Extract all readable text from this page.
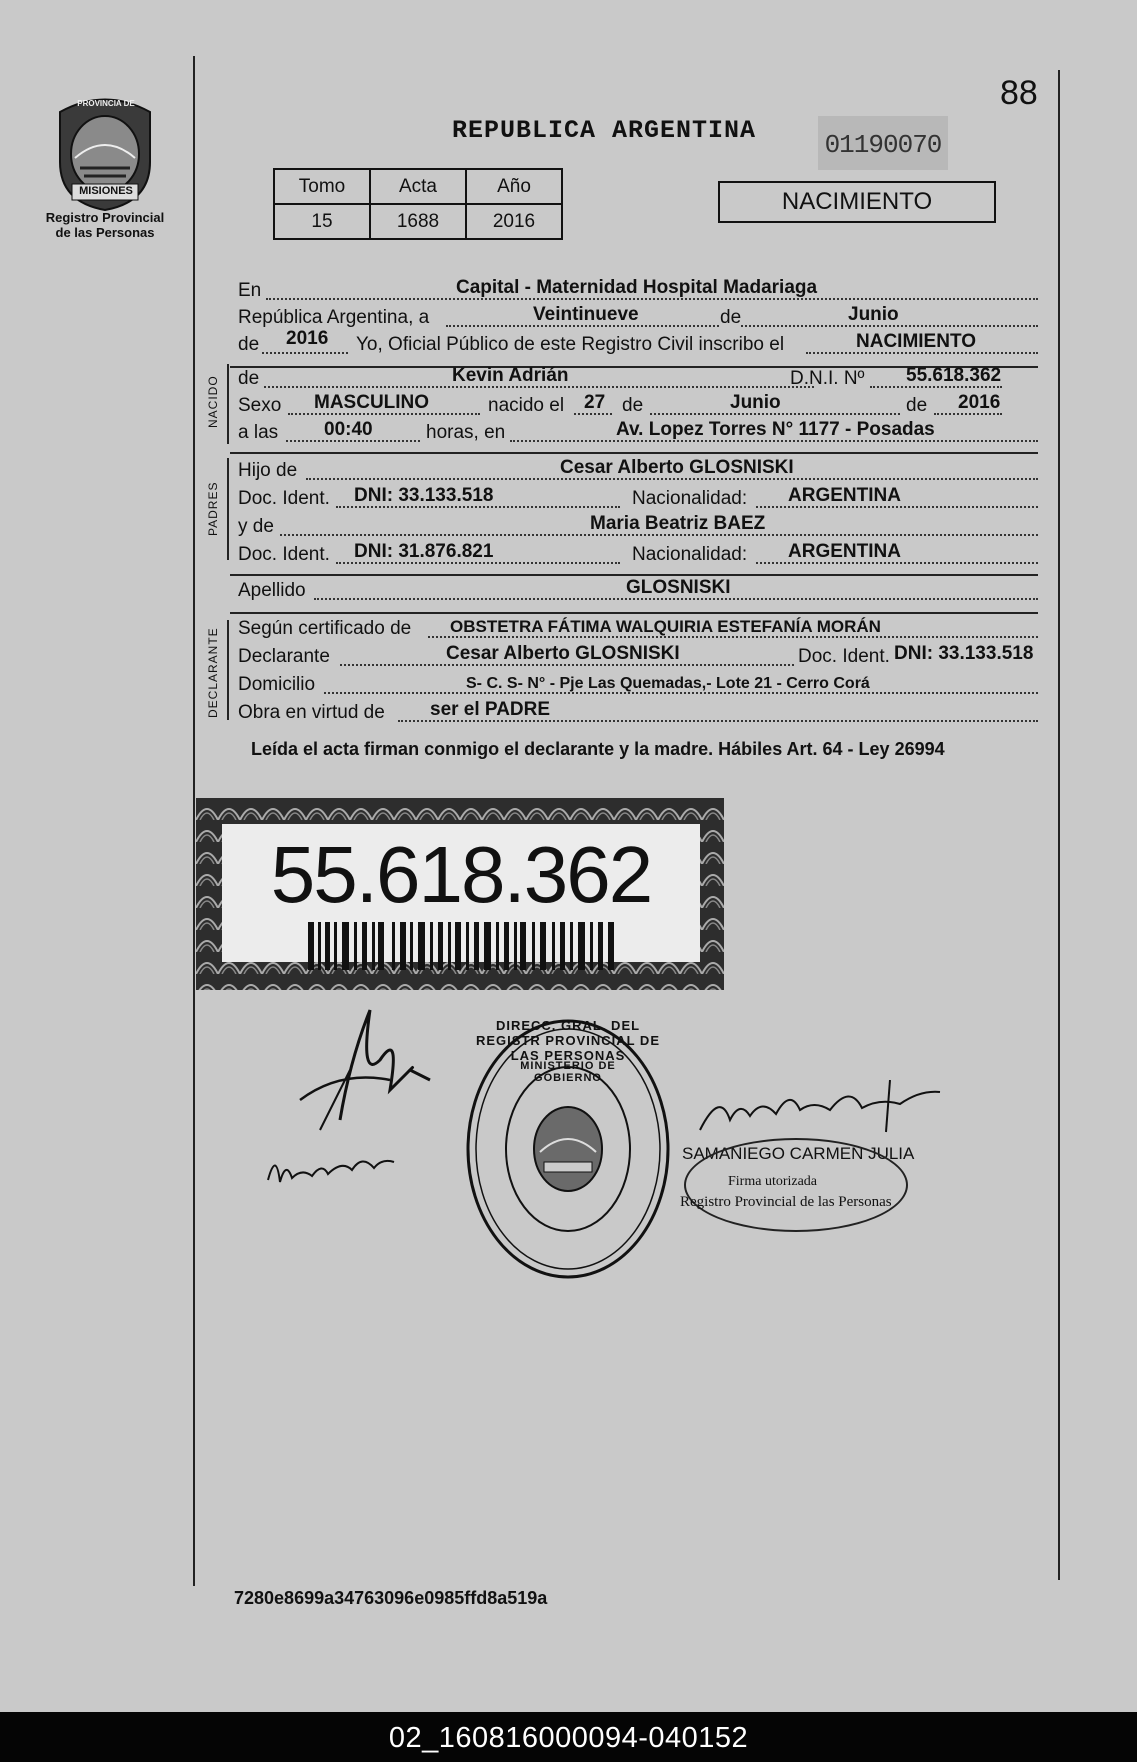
PROVINCIA DE
MISIONES
Registro Provincial
de las Personas
88
REPUBLICA ARGENTINA	01190070
Tomo	Acta	Año
15	1688	2016
NACIMIENTO
En	Capital - Maternidad Hospital Madariaga
República Argentina, a	Veintinueve	de	Junio
de 2016 Yo, Oficial Público de este Registro Civil inscribo el	NACIMIENTO
NACIDO de	Kevin Adrián	D.N.I. Nº 55.618.362
Sexo MASCULINO	nacido el 27 de	Junio	de 2016
a las 00:40	horas, en	Av. Lopez Torres N° 1177 - Posadas
PADRES
Hijo de	Cesar Alberto GLOSNISKI
Doc. Ident. DNI: 33.133.518	Nacionalidad: ARGENTINA
y de	Maria Beatriz BAEZ
Doc. Ident. DNI: 31.876.821	Nacionalidad: ARGENTINA
Apellido	GLOSNISKI
DECLARANTE Según certificado de OBSTETRA FÁTIMA WALQUIRIA ESTEFANÍA MORÁN
Declarante	Cesar Alberto GLOSNISKI	Doc. Ident. DNI: 33.133.518
Domicilio	S- C. S- N° - Pje Las Quemadas,- Lote 21 - Cerro Corá
Obra en virtud de ser el PADRE
Leída el acta firman conmigo el declarante y la madre. Hábiles Art. 64 - Ley 26994
55.618.362
DIRECC. GRAL. DEL REGISTR PROVINCIAL DE LAS PERSONAS
MINISTERIO DE GOBIERNO
SAMANIEGO CARMEN JULIA
Firma utorizada
Registro Provincial de las Personas
7280e8699a34763096e0985ffd8a519a
02_160816000094-040152
